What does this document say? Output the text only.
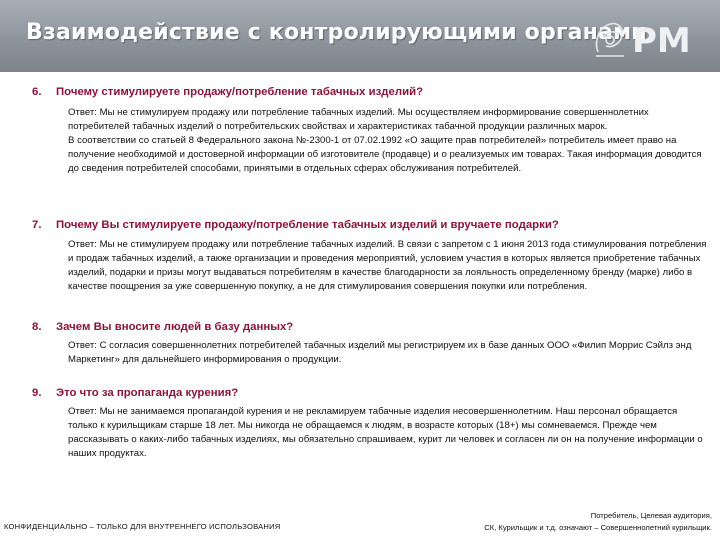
Взаимодействие с контролирующими органами
PM
6. Почему стимулируете продажу/потребление табачных изделий?

Ответ: Мы не стимулируем продажу или потребление табачных изделий. Мы осуществляем информирование совершеннолетних потребителей табачных изделий о потребительских свойствах и характеристиках табачной продукции различных марок.

В соответствии со статьей 8 Федерального закона №-2300-1 от 07.02.1992 «О защите прав потребителей» потребитель имеет право на получение необходимой и достоверной информации об изготовителе (продавце) и о реализуемых им товарах. Такая информация доводится до сведения потребителей способами, принятыми в отдельных сферах обслуживания потребителей.

7. Почему Вы стимулируете продажу/потребление табачных изделий и вручаете подарки?

Ответ: Мы не стимулируем продажу или потребление табачных изделий. В связи с запретом с 1 июня 2013 года стимулирования потребления и продаж табачных изделий, а также организации и проведения мероприятий, условием участия в которых является приобретение табачных изделий, подарки и призы могут выдаваться потребителям в качестве благодарности за лояльность определенному бренду (марке) либо в качестве поощрения за уже совершенную покупку, а не для стимулирования совершения покупки или потребления.

8. Зачем Вы вносите людей в базу данных?

Ответ: С согласия совершеннолетних потребителей табачных изделий мы регистрируем их в базе данных ООО «Филип Моррис Сэйлз энд Маркетинг» для дальнейшего информирования о продукции.

9. Это что за пропаганда курения?

Ответ: Мы не занимаемся пропагандой курения и не рекламируем табачные изделия несовершеннолетним. Наш персонал обращается только к курильщикам старше 18 лет. Мы никогда не обращаемся к людям, в возрасте которых (18+) мы сомневаемся. Прежде чем рассказывать о каких-либо табачных изделиях, мы обязательно спрашиваем, курит ли человек и согласен ли он на получение информации о наших продуктах.

КОНФИДЕНЦИАЛЬНО – ТОЛЬКО ДЛЯ ВНУТРЕННЕГО ИСПОЛЬЗОВАНИЯ
Потребитель, Целевая аудитория,
СК, Курильщик и т.д. означают – Совершеннолетний курильщик.
